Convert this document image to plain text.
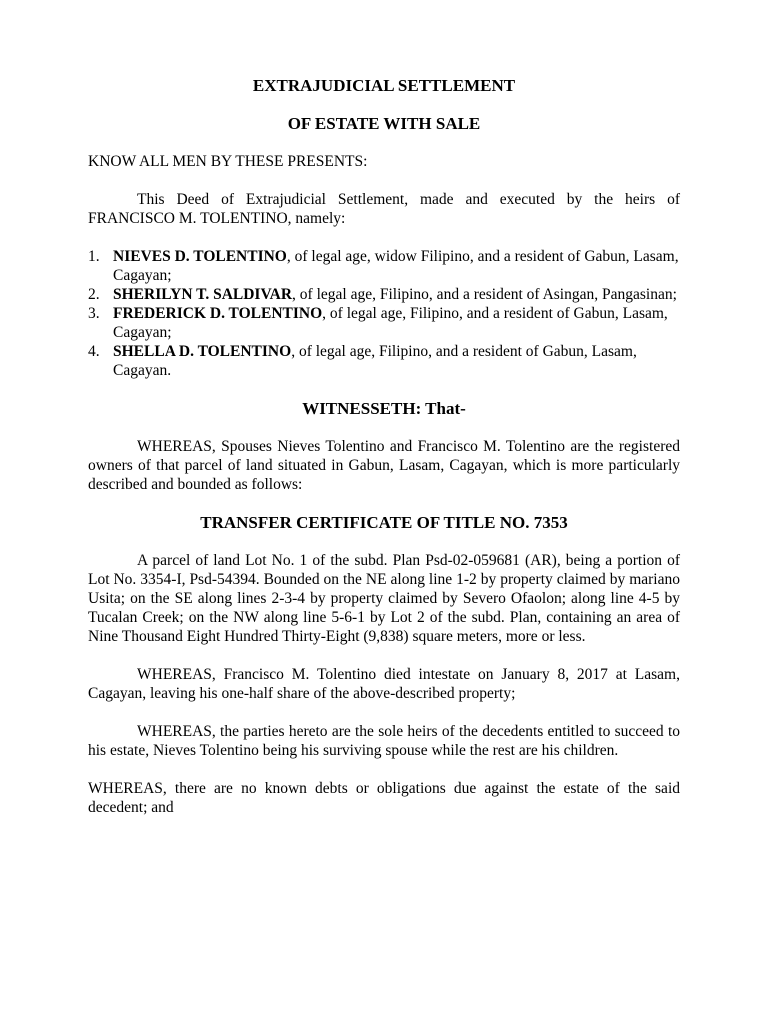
EXTRAJUDICIAL SETTLEMENT
OF ESTATE WITH SALE
KNOW ALL MEN BY THESE PRESENTS:
This Deed of Extrajudicial Settlement, made and executed by the heirs of FRANCISCO M. TOLENTINO, namely:
1. NIEVES D. TOLENTINO, of legal age, widow Filipino, and a resident of Gabun, Lasam, Cagayan;
2. SHERILYN T. SALDIVAR, of legal age, Filipino, and a resident of Asingan, Pangasinan;
3. FREDERICK D. TOLENTINO, of legal age, Filipino, and a resident of Gabun, Lasam, Cagayan;
4. SHELLA D. TOLENTINO, of legal age, Filipino, and a resident of Gabun, Lasam, Cagayan.
WITNESSETH: That-
WHEREAS, Spouses Nieves Tolentino and Francisco M. Tolentino are the registered owners of that parcel of land situated in Gabun, Lasam, Cagayan, which is more particularly described and bounded as follows:
TRANSFER CERTIFICATE OF TITLE NO. 7353
A parcel of land Lot No. 1 of the subd. Plan Psd-02-059681 (AR), being a portion of Lot No. 3354-I, Psd-54394. Bounded on the NE along line 1-2 by property claimed by mariano Usita; on the SE along lines 2-3-4 by property claimed by Severo Ofaolon; along line 4-5 by Tucalan Creek; on the NW along line 5-6-1 by Lot 2 of the subd. Plan, containing an area of Nine Thousand Eight Hundred Thirty-Eight (9,838) square meters, more or less.
WHEREAS, Francisco M. Tolentino died intestate on January 8, 2017 at Lasam, Cagayan, leaving his one-half share of the above-described property;
WHEREAS, the parties hereto are the sole heirs of the decedents entitled to succeed to his estate, Nieves Tolentino being his surviving spouse while the rest are his children.
WHEREAS, there are no known debts or obligations due against the estate of the said decedent; and
